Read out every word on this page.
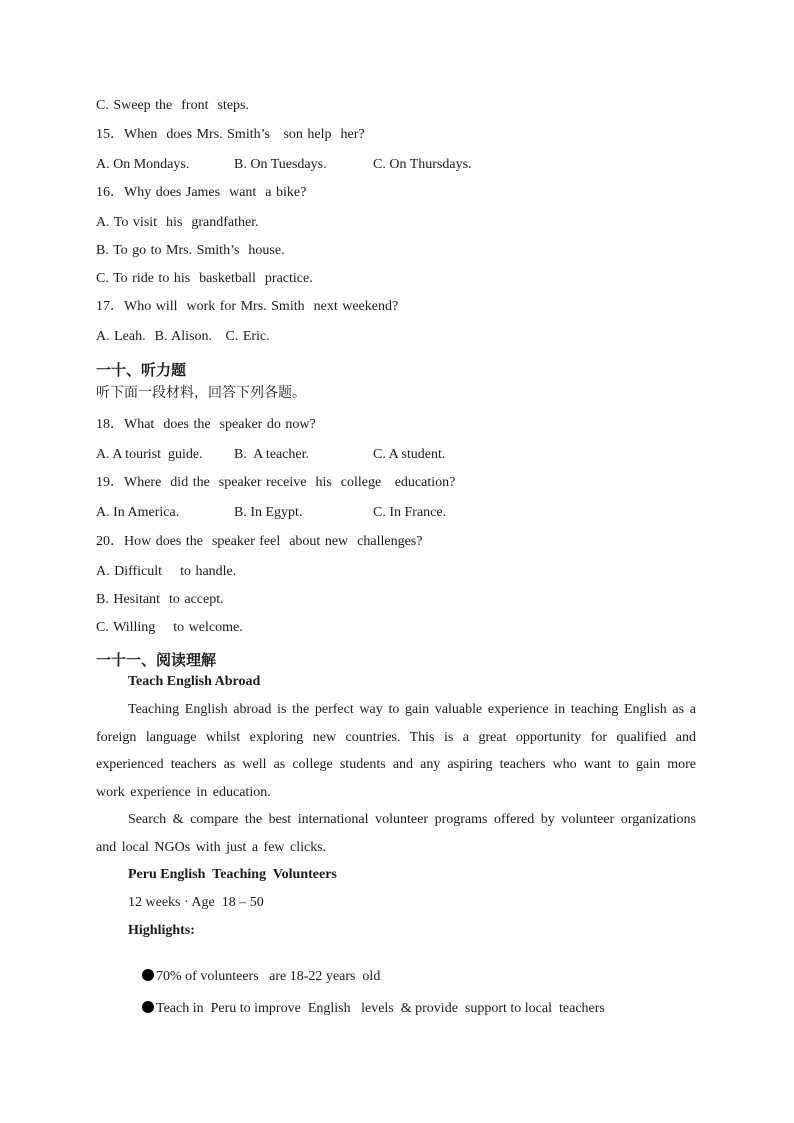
C. Sweep the  front  steps.
15．When  does Mrs. Smith’s   son help  her?
A. On Mondays.	B. On Tuesdays.	C. On Thursdays.
16．Why does James  want  a bike?
A. To visit  his  grandfather.
B. To go to Mrs. Smith’s  house.
C. To ride to his  basketball  practice.
17．Who will  work for Mrs. Smith  next weekend?
A. Leah.  B. Alison.   C. Eric.
一十、听力题
听下面一段材料，回答下列各题。
18．What  does the  speaker do now?
A. A tourist  guide. B.  A teacher.	C. A student.
19．Where  did the  speaker receive  his  college   education?
A. In America.	B. In Egypt.	C. In France.
20．How does the  speaker feel  about new  challenges?
A. Difficult    to handle.
B. Hesitant  to accept.
C. Willing    to welcome.
一十一、阅读理解
Teach English Abroad
Teaching English abroad is the perfect way to gain valuable experience in teaching English as a foreign language whilst exploring new countries. This is a great opportunity for qualified and experienced teachers as well as college students and any aspiring teachers who want to gain more work experience in education.
Search & compare the best international volunteer programs offered by volunteer organizations and local NGOs with just a few clicks.
Peru English  Teaching  Volunteers
12 weeks · Age  18 – 50
Highlights:

70% of volunteers   are 18-22 years  old

Teach in  Peru to improve  English   levels  & provide  support to local  teachers
